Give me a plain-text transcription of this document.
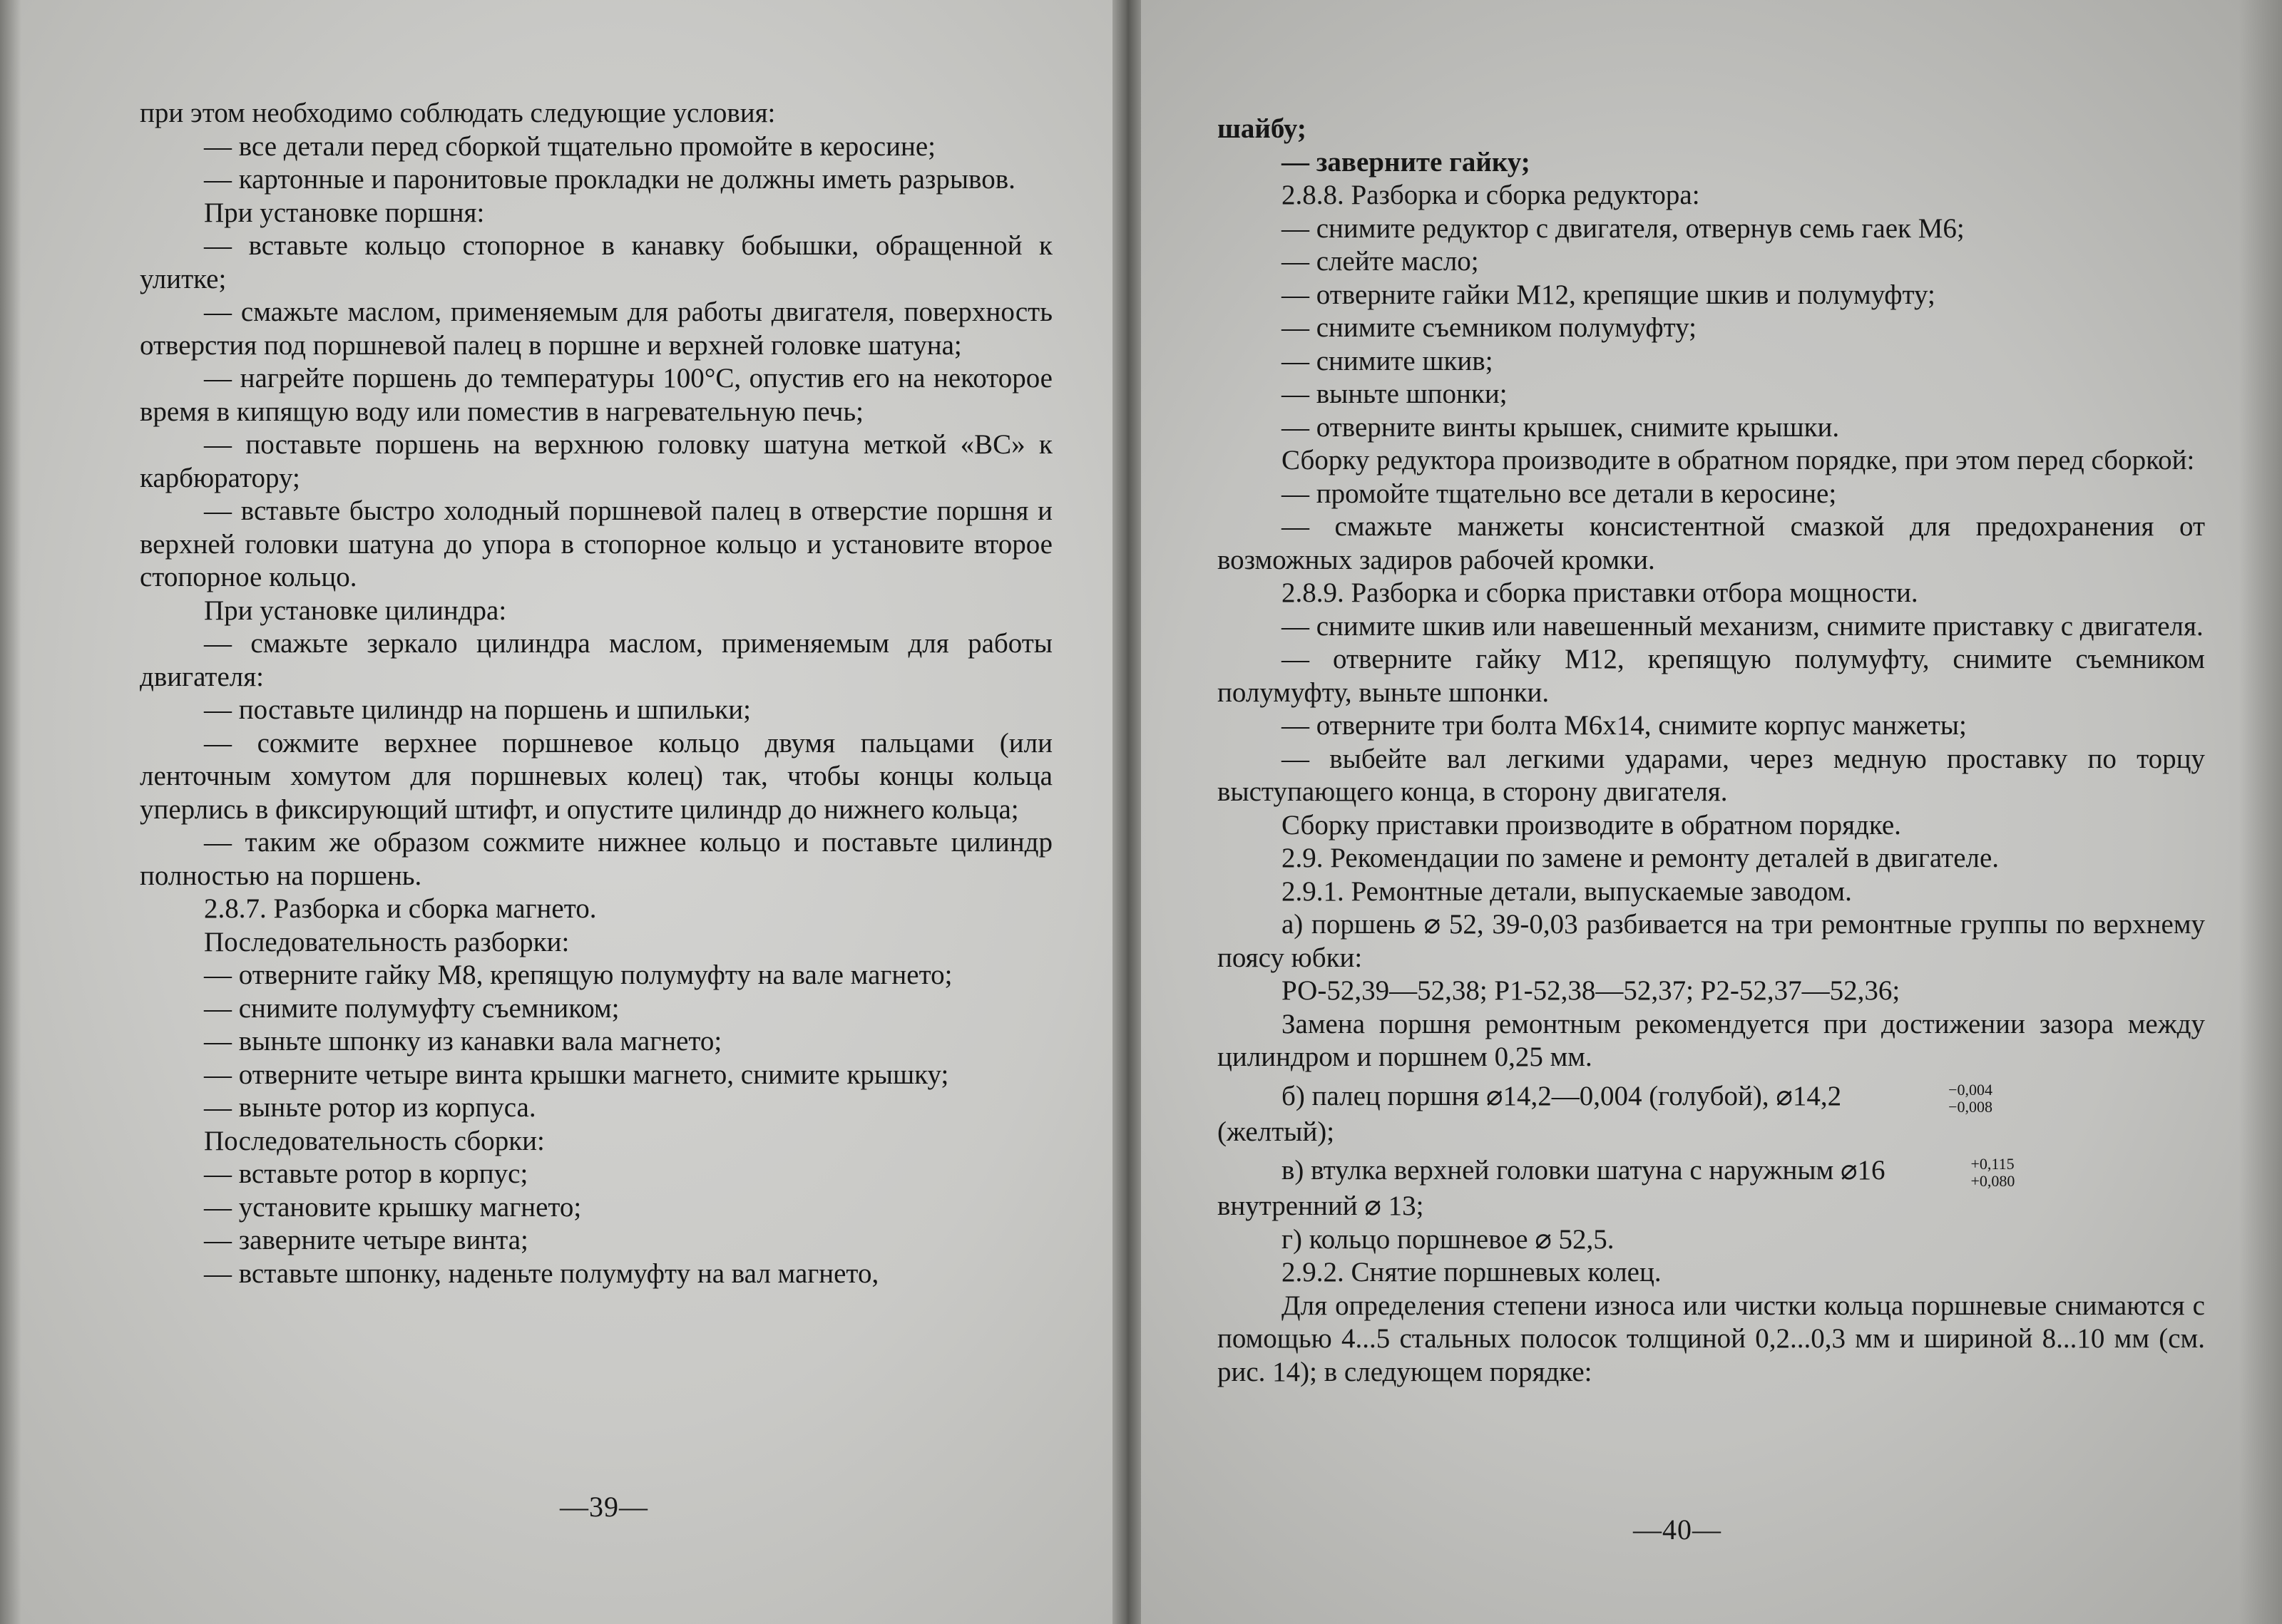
при этом необходимо соблюдать следующие условия:

— все детали перед сборкой тщательно промойте в керосине;

— картонные и паронитовые прокладки не должны иметь разрывов.

При установке поршня:

— вставьте кольцо стопорное в канавку бобышки, обращенной к улитке;

— смажьте маслом, применяемым для работы двигателя, поверхность отверстия под поршневой палец в поршне и верхней головке шатуна;

— нагрейте поршень до температуры 100°С, опустив его на некоторое время в кипящую воду или поместив в нагревательную печь;

— поставьте поршень на верхнюю головку шатуна меткой «ВС» к карбюратору;

— вставьте быстро холодный поршневой палец в отверстие поршня и верхней головки шатуна до упора в стопорное кольцо и установите второе стопорное кольцо.

При установке цилиндра:

— смажьте зеркало цилиндра маслом, применяемым для работы двигателя:

— поставьте цилиндр на поршень и шпильки;

— сожмите верхнее поршневое кольцо двумя пальцами (или ленточным хомутом для поршневых колец) так, чтобы концы кольца уперлись в фиксирующий штифт, и опустите цилиндр до нижнего кольца;

— таким же образом сожмите нижнее кольцо и поставьте цилиндр полностью на поршень.

2.8.7. Разборка и сборка магнето.

Последовательность разборки:

— отверните гайку М8, крепящую полумуфту на вале магнето;

— снимите полумуфту съемником;

— выньте шпонку из канавки вала магнето;

— отверните четыре винта крышки магнето, снимите крышку;

— выньте ротор из корпуса.

Последовательность сборки:

— вставьте ротор в корпус;

— установите крышку магнето;

— заверните четыре винта;

— вставьте шпонку, наденьте полумуфту на вал магнето,

—39—

шайбу;

— заверните гайку;

2.8.8. Разборка и сборка редуктора:

— снимите редуктор с двигателя, отвернув семь гаек М6;

— слейте масло;

— отверните гайки М12, крепящие шкив и полумуфту;

— снимите съемником полумуфту;

— снимите шкив;

— выньте шпонки;

— отверните винты крышек, снимите крышки.

Сборку редуктора производите в обратном порядке, при этом перед сборкой:

— промойте тщательно все детали в керосине;

— смажьте манжеты консистентной смазкой для предохранения от возможных задиров рабочей кромки.

2.8.9. Разборка и сборка приставки отбора мощности.

— снимите шкив или навешенный механизм, снимите приставку с двигателя.

— отверните гайку М12, крепящую полумуфту, снимите съемником полумуфту, выньте шпонки.

— отверните три болта М6х14, снимите корпус манжеты;

— выбейте вал легкими ударами, через медную проставку по торцу выступающего конца, в сторону двигателя.

Сборку приставки производите в обратном порядке.

2.9. Рекомендации по замене и ремонту деталей в двигателе.

2.9.1. Ремонтные детали, выпускаемые заводом.

а) поршень ⌀ 52, 39-0,03 разбивается на три ремонтные группы по верхнему поясу юбки:

РО-52,39—52,38; Р1-52,38—52,37; Р2-52,37—52,36;

Замена поршня ремонтным рекомендуется при достижении зазора между цилиндром и поршнем 0,25 мм.

б) палец поршня ⌀14,2—0,004 (голубой), ⌀14,2	−0,004
−0,008

(желтый);

в) втулка верхней головки шатуна с наружным ⌀16	+0,115
+0,080

внутренний ⌀ 13;

г) кольцо поршневое ⌀ 52,5.

2.9.2. Снятие поршневых колец.

Для определения степени износа или чистки кольца поршневые снимаются с помощью 4...5 стальных полосок толщиной 0,2...0,3 мм и шириной 8...10 мм (см. рис. 14); в следующем порядке:

—40—
